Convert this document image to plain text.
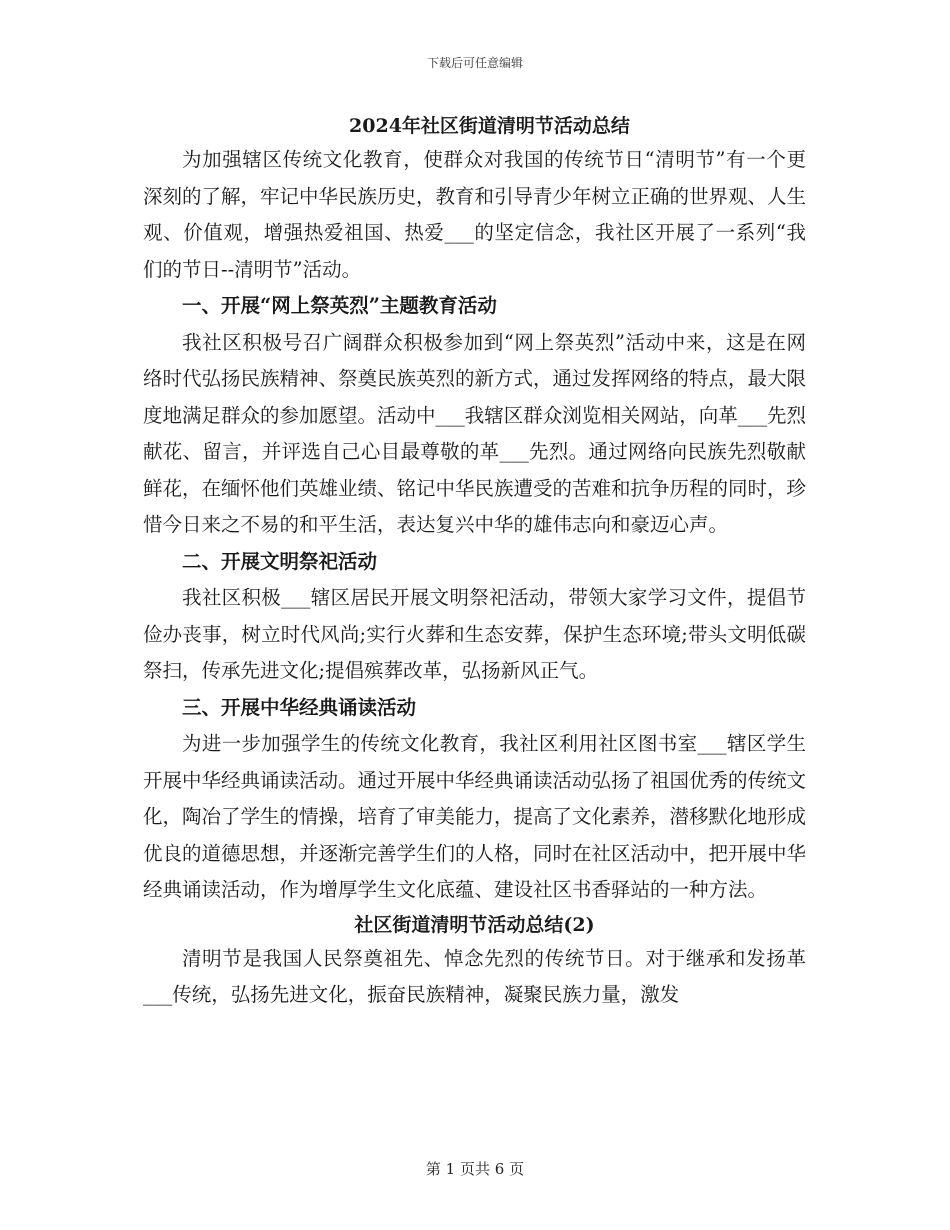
下载后可任意编辑
2024年社区街道清明节活动总结

为加强辖区传统文化教育，使群众对我国的传统节日“清明节”有一个更深刻的了解，牢记中华民族历史，教育和引导青少年树立正确的世界观、人生观、价值观，增强热爱祖国、热爱___的坚定信念，我社区开展了一系列“我们的节日--清明节”活动。

一、开展“网上祭英烈”主题教育活动

我社区积极号召广阔群众积极参加到“网上祭英烈”活动中来，这是在网络时代弘扬民族精神、祭奠民族英烈的新方式，通过发挥网络的特点，最大限度地满足群众的参加愿望。活动中___我辖区群众浏览相关网站，向革___先烈献花、留言，并评选自己心目最尊敬的革___先烈。通过网络向民族先烈敬献鲜花，在缅怀他们英雄业绩、铭记中华民族遭受的苦难和抗争历程的同时，珍惜今日来之不易的和平生活，表达复兴中华的雄伟志向和豪迈心声。

二、开展文明祭祀活动

我社区积极___辖区居民开展文明祭祀活动，带领大家学习文件，提倡节俭办丧事，树立时代风尚;实行火葬和生态安葬，保护生态环境;带头文明低碳祭扫，传承先进文化;提倡殡葬改革，弘扬新风正气。

三、开展中华经典诵读活动

为进一步加强学生的传统文化教育，我社区利用社区图书室___辖区学生开展中华经典诵读活动。通过开展中华经典诵读活动弘扬了祖国优秀的传统文化，陶冶了学生的情操，培育了审美能力，提高了文化素养，潜移默化地形成优良的道德思想，并逐渐完善学生们的人格，同时在社区活动中，把开展中华经典诵读活动，作为增厚学生文化底蕴、建设社区书香驿站的一种方法。

社区街道清明节活动总结(2)

清明节是我国人民祭奠祖先、悼念先烈的传统节日。对于继承和发扬革___传统，弘扬先进文化，振奋民族精神，凝聚民族力量，激发

第 1 页共 6 页
